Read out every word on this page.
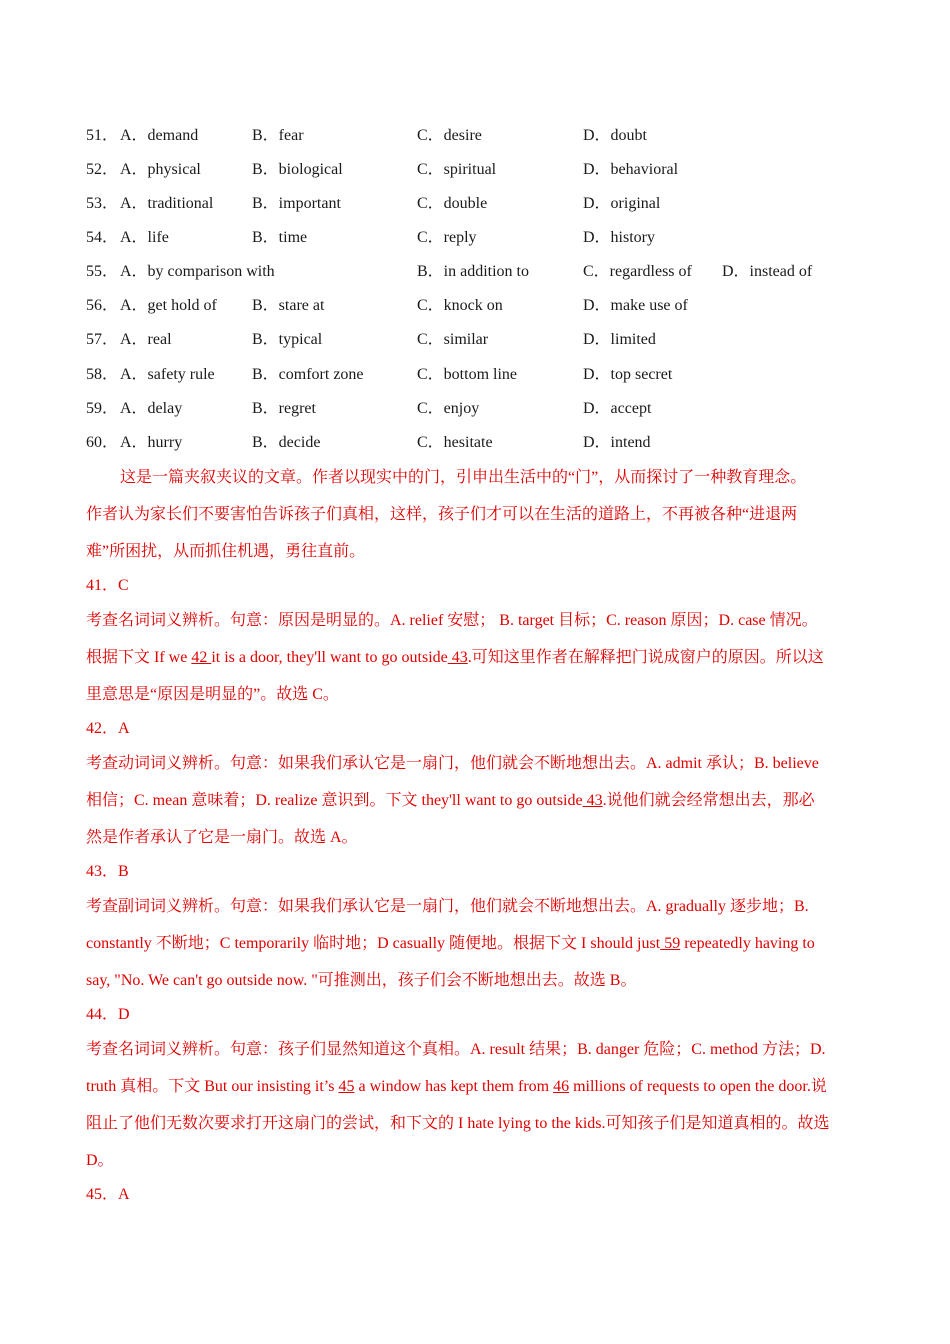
51． A．demand	B．fear	C．desire	D．doubt
52． A．physical	B．biological	C．spiritual	D．behavioral
53． A．traditional B．important	C．double	D．original
54． A．life	B．time	C．reply	D．history
55． A．by comparison with	B．in addition to	C．regardless of D．instead of
56． A．get hold of B．stare at	C．knock on	D．make use of
57． A．real	B．typical	C．similar	D．limited
58． A．safety rule B．comfort zone	C．bottom line	D．top secret
59． A．delay	B．regret	C．enjoy	D．accept
60． A．hurry	B．decide	C．hesitate	D．intend
这是一篇夹叙夹议的文章。作者以现实中的门，引申出生活中的“门”，从而探讨了一种教育理念。
作者认为家长们不要害怕告诉孩子们真相，这样，孩子们才可以在生活的道路上，不再被各种“进退两
难”所困扰，从而抓住机遇，勇往直前。
41．C
考查名词词义辨析。句意：原因是明显的。A. relief 安慰； B. target 目标；C. reason 原因；D. case 情况。
根据下文 If we 42 it is a door, they'll want to go outside 43.可知这里作者在解释把门说成窗户的原因。所以这
里意思是“原因是明显的”。故选 C。
42．A
考查动词词义辨析。句意：如果我们承认它是一扇门，他们就会不断地想出去。A. admit 承认；B. believe
相信；C. mean 意味着；D. realize 意识到。下文 they'll want to go outside 43.说他们就会经常想出去，那必
然是作者承认了它是一扇门。故选 A。
43．B
考查副词词义辨析。句意：如果我们承认它是一扇门，他们就会不断地想出去。A. gradually 逐步地；B.
constantly 不断地；C temporarily 临时地；D casually 随便地。根据下文 I should just 59 repeatedly having to
say, "No. We can't go outside now. "可推测出，孩子们会不断地想出去。故选 B。
44．D
考查名词词义辨析。句意：孩子们显然知道这个真相。A. result 结果；B. danger 危险；C. method 方法；D.
truth 真相。下文 But our insisting it’s 45 a window has kept them from 46 millions of requests to open the door.说
阻止了他们无数次要求打开这扇门的尝试，和下文的 I hate lying to the kids.可知孩子们是知道真相的。故选
D。
45．A
